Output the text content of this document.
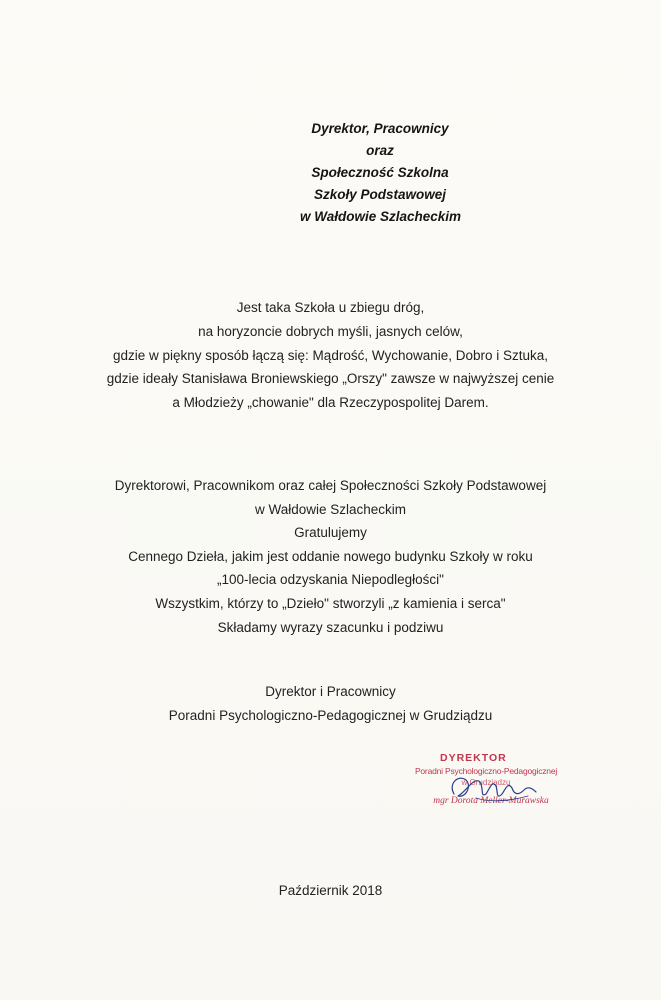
Dyrektor, Pracownicy
oraz
Społeczność Szkolna
Szkoły Podstawowej
w Wałdowie Szlacheckim
Jest taka Szkoła u zbiegu dróg,
na horyzoncie dobrych myśli, jasnych celów,
gdzie w piękny sposób łączą się: Mądrość, Wychowanie, Dobro i Sztuka,
gdzie ideały Stanisława Broniewskiego „Orszy" zawsze w najwyższej cenie
a Młodzieży „chowanie" dla Rzeczypospolitej Darem.
Dyrektorowi, Pracownikom oraz całej Społeczności Szkoły Podstawowej
w Wałdowie Szlacheckim
Gratulujemy
Cennego Dzieła, jakim jest oddanie nowego budynku Szkoły w roku
„100-lecia odzyskania Niepodległości"
Wszystkim, którzy to „Dzieło" stworzyli „z kamienia i serca"
Składamy wyrazy szacunku i podziwu
Dyrektor i Pracownicy
Poradni Psychologiczno-Pedagogicznej w Grudziądzu
DYREKTOR
Poradni Psychologiczno-Pedagogicznej
w Grudziądzu
mgr Dorota Meller-Murawska
Październik 2018
